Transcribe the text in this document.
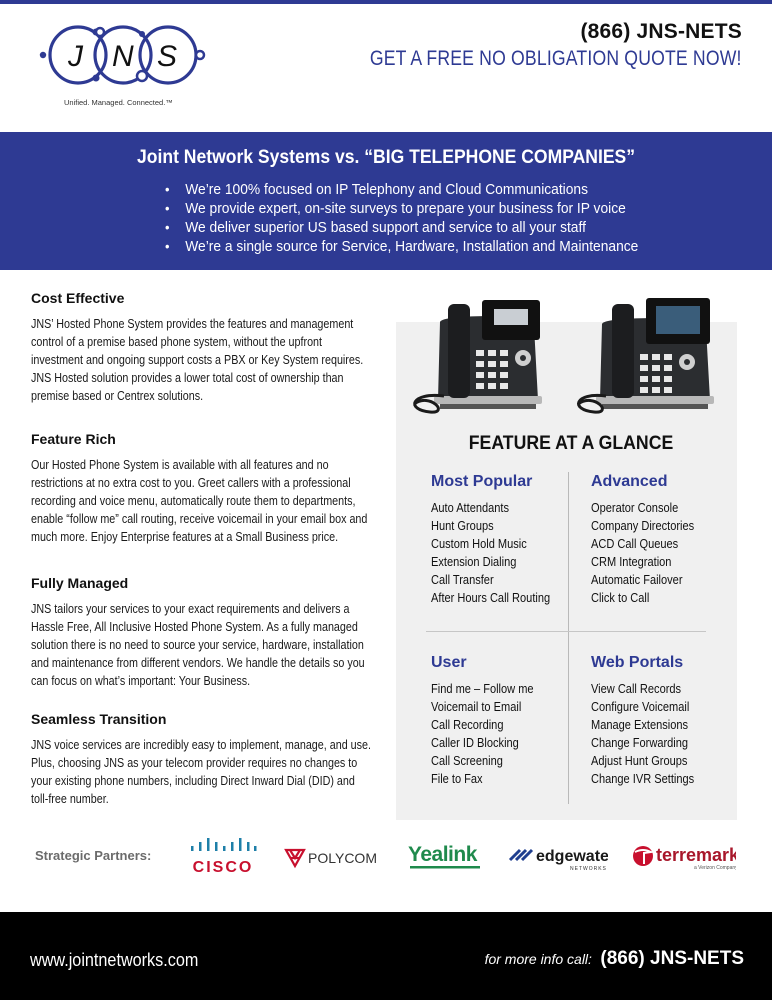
J N S
Unified. Managed. Connected.™
(866) JNS-NETS
GET A FREE NO OBLIGATION QUOTE NOW!
Joint Network Systems vs. “BIG TELEPHONE COMPANIES”
• We’re 100% focused on IP Telephony and Cloud Communications
• We provide expert, on-site surveys to prepare your business for IP voice
• We deliver superior US based support and service to all your staff
• We’re a single source for Service, Hardware, Installation and Maintenance
Cost Effective

JNS’ Hosted Phone System provides the features and management control of a premise based phone system, without the upfront investment and ongoing support costs a PBX or Key System requires. JNS Hosted solution provides a lower total cost of ownership than premise based or Centrex solutions.

Feature Rich

Our Hosted Phone System is available with all features and no restrictions at no extra cost to you. Greet callers with a professional recording and voice menu, automatically route them to departments, enable “follow me” call routing, receive voicemail in your email box and much more. Enjoy Enterprise features at a Small Business price.

Fully Managed

JNS tailors your services to your exact requirements and delivers a Hassle Free, All Inclusive Hosted Phone System. As a fully managed solution there is no need to source your service, hardware, installation and maintenance from different vendors. We handle the details so you can focus on what’s important: Your Business.

Seamless Transition

JNS voice services are incredibly easy to implement, manage, and use. Plus, choosing JNS as your telecom provider requires no changes to your existing phone numbers, including Direct Inward Dial (DID) and toll-free number.

FEATURE AT A GLANCE
Most Popular
Auto Attendants
Hunt Groups
Custom Hold Music
Extension Dialing
Call Transfer
After Hours Call Routing
Advanced
Operator Console
Company Directories
ACD Call Queues
CRM Integration
Automatic Failover
Click to Call
User
Find me – Follow me
Voicemail to Email
Call Recording
Caller ID Blocking
Call Screening
File to Fax
Web Portals
View Call Records
Configure Voicemail
Manage Extensions
Change Forwarding
Adjust Hunt Groups
Change IVR Settings
Strategic Partners:
CISCO
POLYCOM Yealink	edgewater
NETWORKS
terremark
a Verizon Company
www.jointnetworks.com	for more info call: (866) JNS-NETS
